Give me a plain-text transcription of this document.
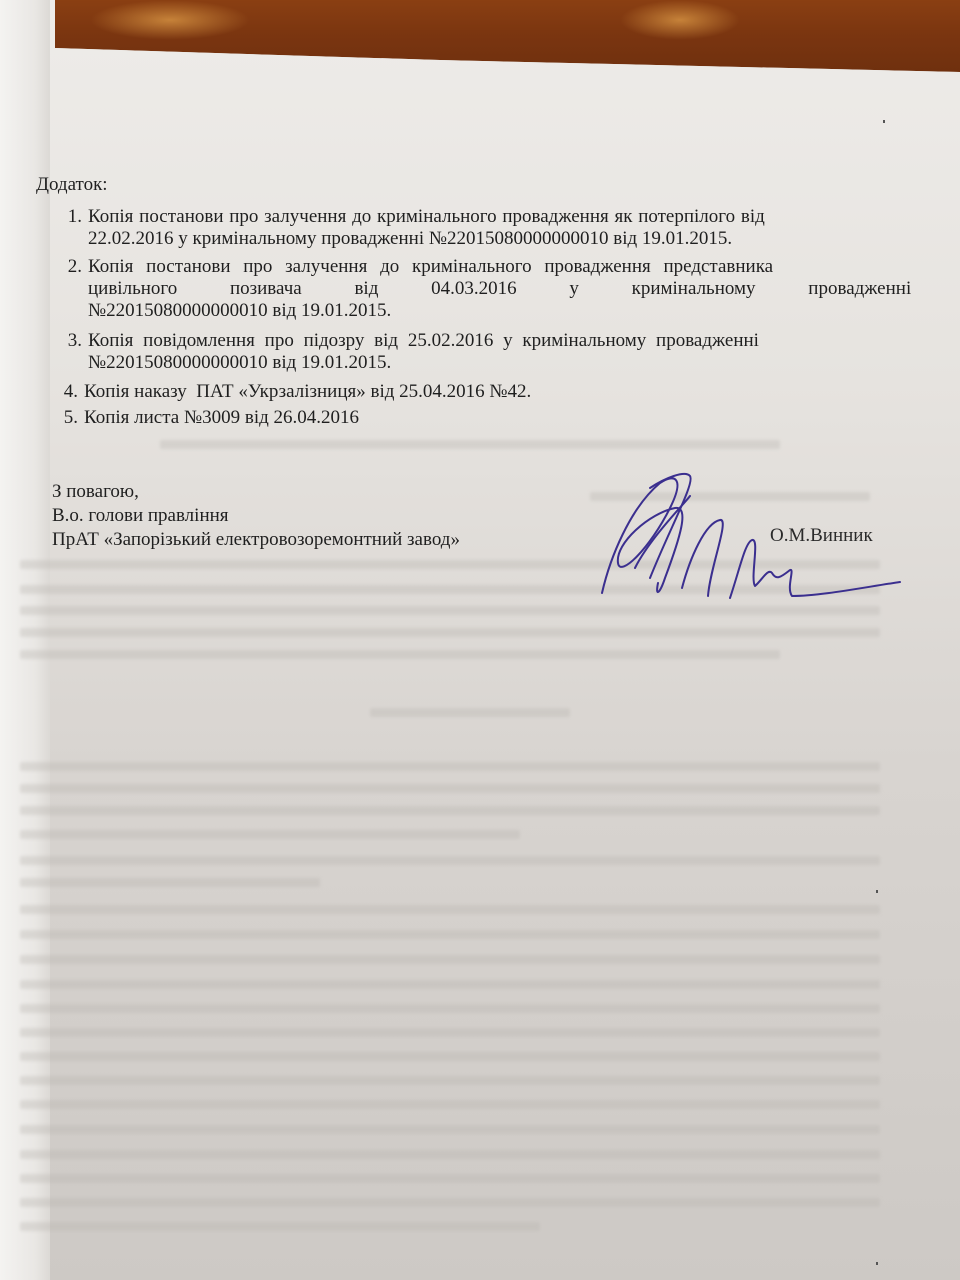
Додаток:
1. Копія постанови про залучення до кримінального провадження як потерпілого від
22.02.2016 у кримінальному провадженні №22015080000000010 від 19.01.2015.
2. Копія постанови про залучення до кримінального провадження представника
цивільного позивача від 04.03.2016 у кримінальному провадженні
№22015080000000010 від 19.01.2015.
3. Копія повідомлення про підозру від 25.02.2016 у кримінальному провадженні
№22015080000000010 від 19.01.2015.
4. Копія наказу  ПАТ «Укрзалізниця» від 25.04.2016 №42.
5. Копія листа №3009 від 26.04.2016
З повагою,
В.о. голови правління
ПрАТ «Запорізький електровозоремонтний завод»	О.М.Винник
